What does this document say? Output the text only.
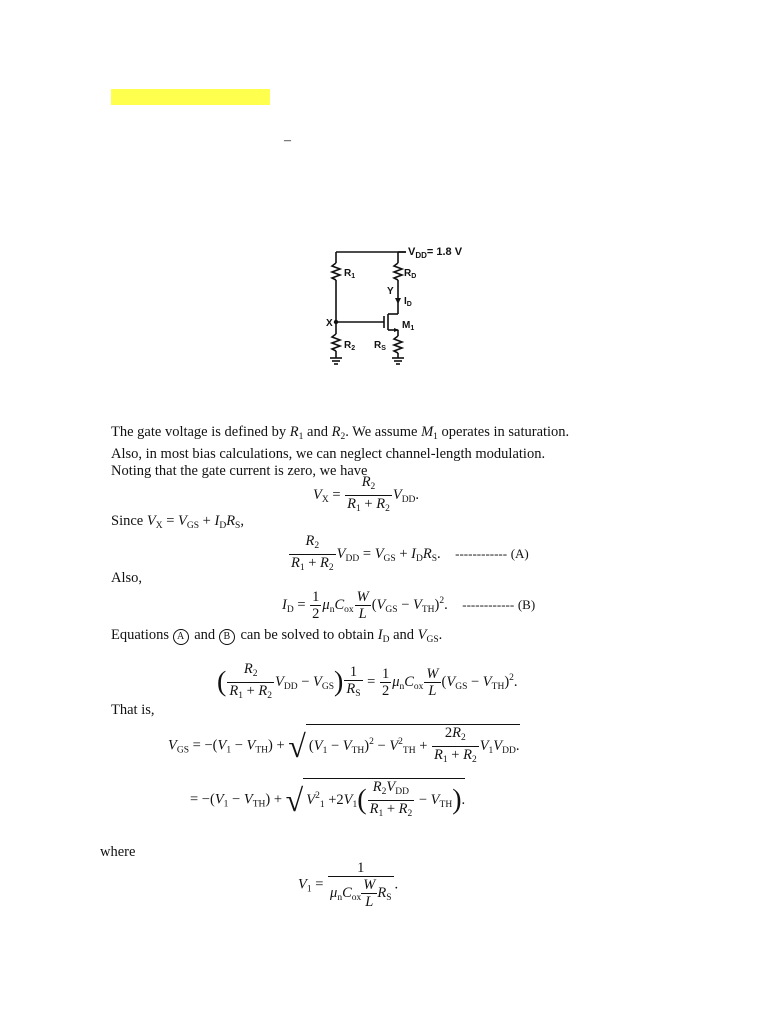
–
$V_{DD}= 1.8$ V
$R_1$	$R_D$
Y
$I_D$
X	$M_1$
$R_2$ $R_S$
The gate voltage is defined by $R_1$ and $R_2$. We assume $M_1$ operates in saturation.
Also, in most bias calculations, we can neglect channel-length modulation.
Noting that the gate current is zero, we have
$V_X = \frac{R_2}{R_1 + R_2} V_{DD}$.
Since $V_X = V_{GS} + I_DR_S$,
$\frac{R_2}{R_1 + R_2} V_{DD} = V_{GS} + I_DR_S$.    ------------ (A)
Also,
$I_D = \frac{1}{2} \mu_nC_{ox} \frac{W}{L} (V_{GS} - V_{TH})^2$.    ------------ (B)
Equations A and B can be solved to obtain $I_D$ and $V_{GS}$.
( $\frac{R_2}{R_1 + R_2} V_{DD} - V_{GS}) \frac{1}{R_S} = \frac{1}{2} \mu_nC_{ox} \frac{W}{L} (V_{GS} - V_{TH})^2$.
That is,
$V_{GS} = -(V_1 - V_{TH})$ + √ $(V_1 - V_{TH})^2 - V^2_{TH} + \frac{2R_2}{R_1 + R_2} V_1V_{DD}$.
= $-(V_1 - V_{TH})$ + √ $V^2_1 +2V_1( \frac{R_2V_{DD}}{R_1 + R_2} - V_{TH})$.
where
$V_1 = \frac{1}{\mu_nC_{ox} \frac{W}{L} R_S}$ .
